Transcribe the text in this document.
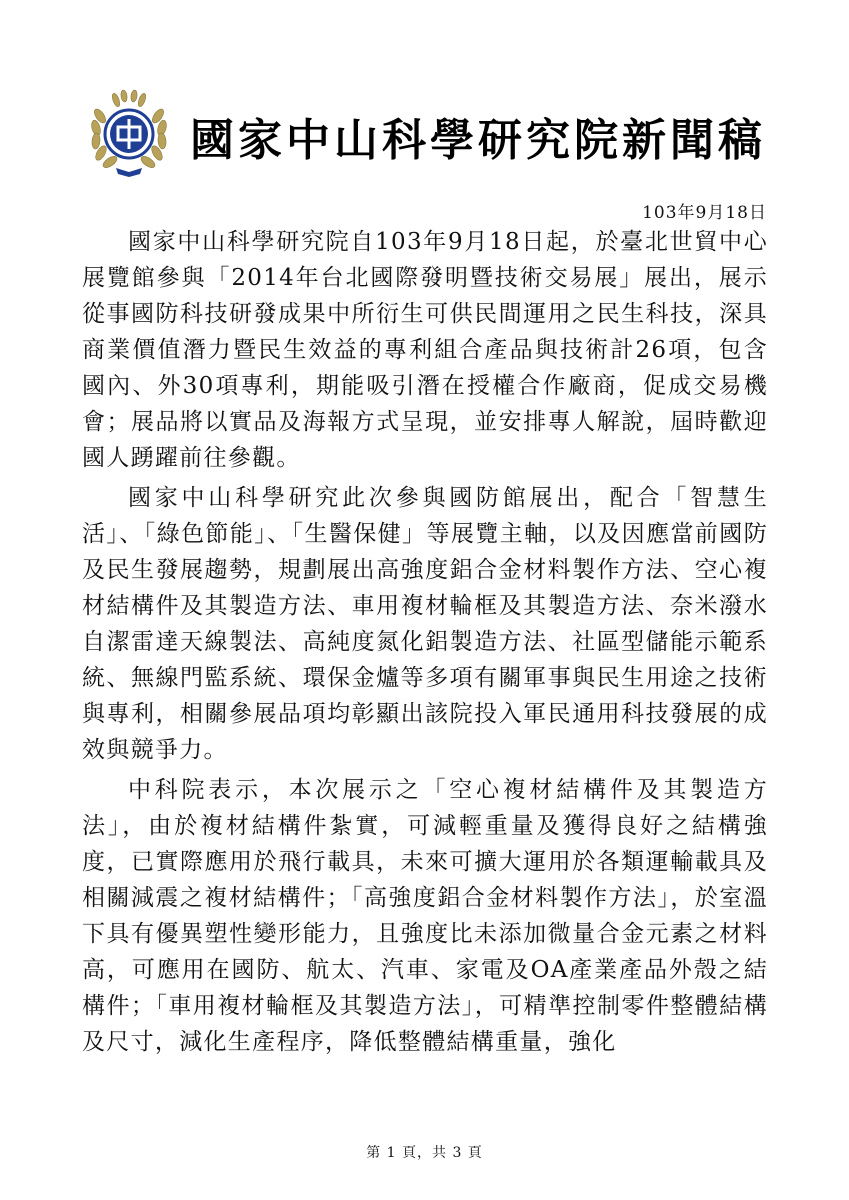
國家中山科學研究院新聞稿
103年9月18日

國家中山科學研究院自103年9月18日起，於臺北世貿中心展覽館參與「2014年台北國際發明暨技術交易展」展出，展示從事國防科技研發成果中所衍生可供民間運用之民生科技，深具商業價值潛力暨民生效益的專利組合產品與技術計26項，包含國內、外30項專利，期能吸引潛在授權合作廠商，促成交易機會；展品將以實品及海報方式呈現，並安排專人解說，屆時歡迎國人踴躍前往參觀。

國家中山科學研究此次參與國防館展出，配合「智慧生活」、「綠色節能」、「生醫保健」等展覽主軸，以及因應當前國防及民生發展趨勢，規劃展出高強度鋁合金材料製作方法、空心複材結構件及其製造方法、車用複材輪框及其製造方法、奈米潑水自潔雷達天線製法、高純度氮化鋁製造方法、社區型儲能示範系統、無線門監系統、環保金爐等多項有關軍事與民生用途之技術與專利，相關參展品項均彰顯出該院投入軍民通用科技發展的成效與競爭力。

中科院表示，本次展示之「空心複材結構件及其製造方法」，由於複材結構件紮實，可減輕重量及獲得良好之結構強度，已實際應用於飛行載具，未來可擴大運用於各類運輸載具及相關減震之複材結構件；「高強度鋁合金材料製作方法」，於室溫下具有優異塑性變形能力，且強度比未添加微量合金元素之材料高，可應用在國防、航太、汽車、家電及OA產業產品外殼之結構件；「車用複材輪框及其製造方法」，可精準控制零件整體結構及尺寸，減化生產程序，降低整體結構重量，強化

第 1 頁，共 3 頁
